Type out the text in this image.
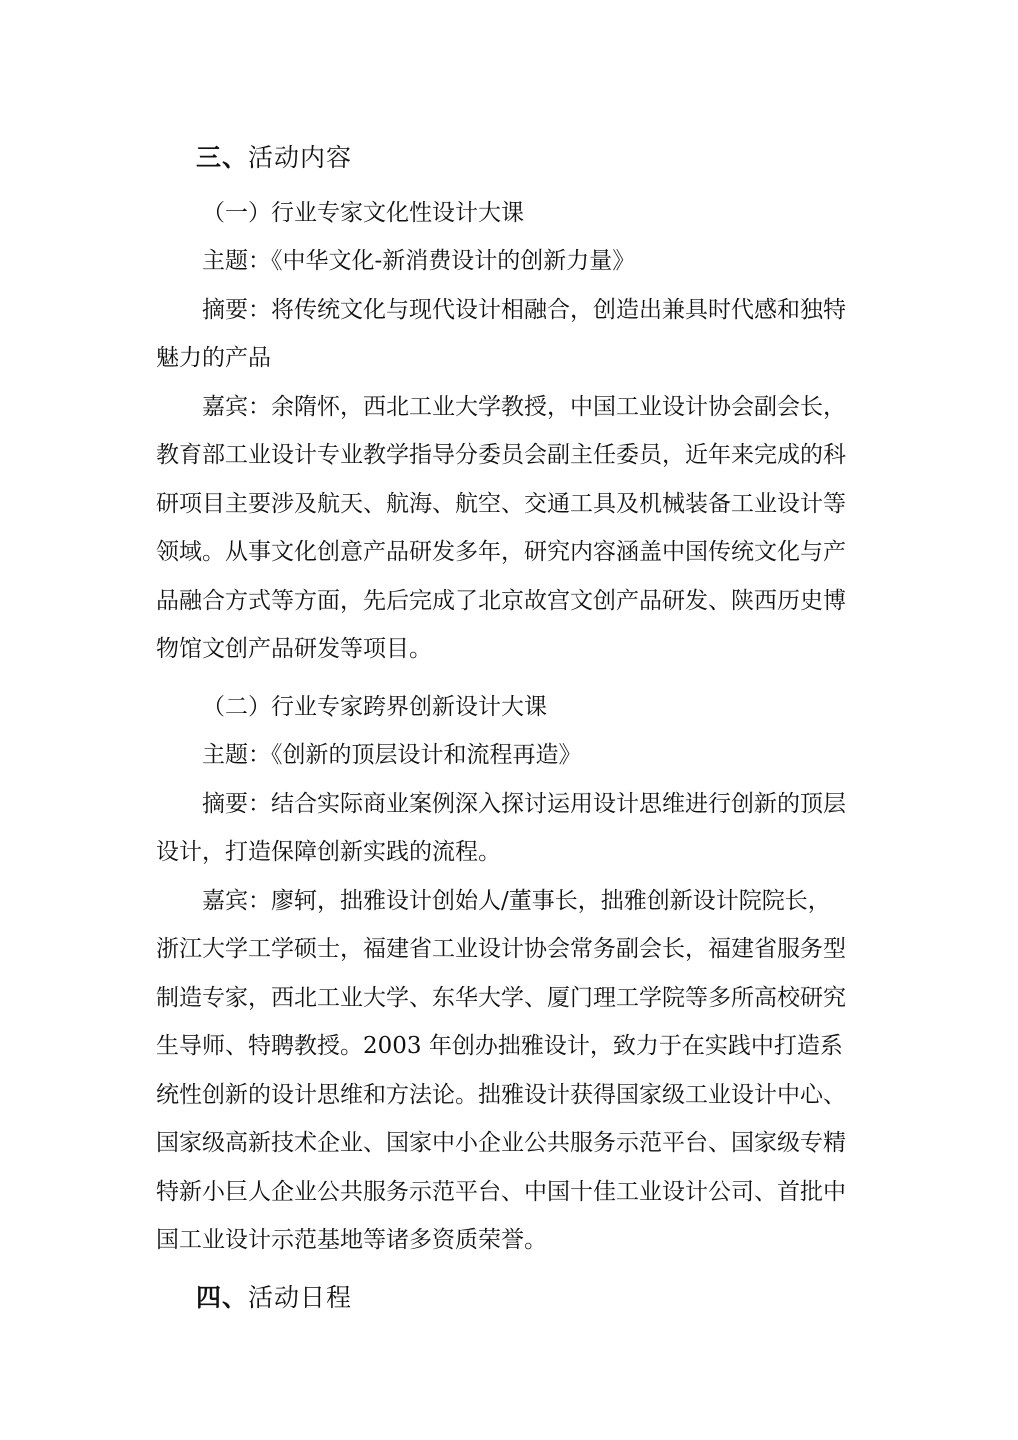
三、活动内容

（一）行业专家文化性设计大课

主题：《中华文化-新消费设计的创新力量》

摘要：将传统文化与现代设计相融合，创造出兼具时代感和独特

魅力的产品

嘉宾：余隋怀，西北工业大学教授，中国工业设计协会副会长，

教育部工业设计专业教学指导分委员会副主任委员，近年来完成的科

研项目主要涉及航天、航海、航空、交通工具及机械装备工业设计等

领域。从事文化创意产品研发多年，研究内容涵盖中国传统文化与产

品融合方式等方面，先后完成了北京故宫文创产品研发、陕西历史博

物馆文创产品研发等项目。

（二）行业专家跨界创新设计大课

主题：《创新的顶层设计和流程再造》

摘要：结合实际商业案例深入探讨运用设计思维进行创新的顶层

设计，打造保障创新实践的流程。

嘉宾：廖轲，拙雅设计创始人/董事长，拙雅创新设计院院长，

浙江大学工学硕士，福建省工业设计协会常务副会长，福建省服务型

制造专家，西北工业大学、东华大学、厦门理工学院等多所高校研究

生导师、特聘教授。2003 年创办拙雅设计，致力于在实践中打造系

统性创新的设计思维和方法论。拙雅设计获得国家级工业设计中心、

国家级高新技术企业、国家中小企业公共服务示范平台、国家级专精

特新小巨人企业公共服务示范平台、中国十佳工业设计公司、首批中

国工业设计示范基地等诸多资质荣誉。

四、活动日程
